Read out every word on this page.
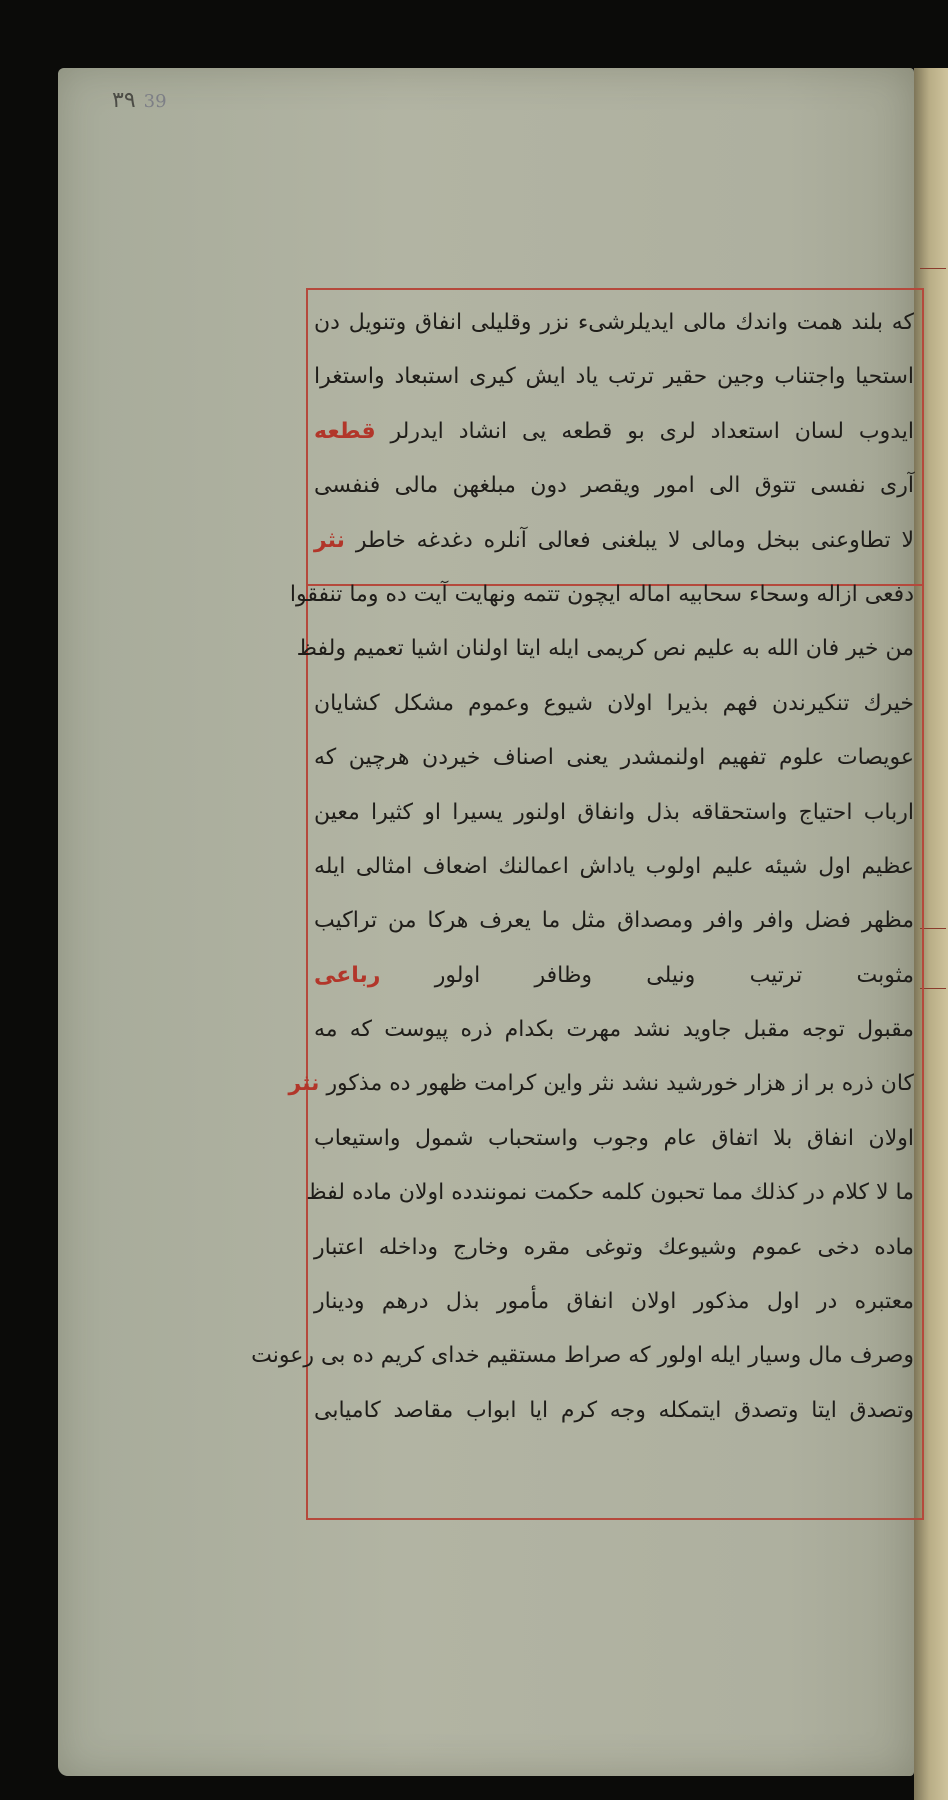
٣٩ 39
که بلند همت واندك مالى ايدیلرشیء نزر وقلیلى انفاق وتنویل دن
استحیا واجتناب وجین حقیر ترتب یاد ایش کیری استبعاد واستغرا
ایدوب لسان استعداد لری بو قطعه یی انشاد ایدرلر قطعه
آری نفسی تتوق الی امور ویقصر دون مبلغهن مالی فنفسی
لا تطاوعنی ببخل ومالی لا یبلغنی فعالی آنلره دغدغه خاطر نثر
دفعی ازاله وسحاء سحابیه اماله ایچون تتمه ونهایت آیت ده وما تنفقوا
من خیر فان الله به علیم نص کریمی ایله ایتا اولنان اشیا تعمیم ولفظ
خیرك تنکیرندن فهم بذیرا اولان شیوع وعموم مشکل کشایان
عویصات علوم تفهیم اولنمشدر یعنی اصناف خیردن هرچین که
ارباب احتیاج واستحقاقه بذل وانفاق اولنور یسیرا او کثیرا معین
عظیم اول شیئه علیم اولوب یاداش اعمالنك اضعاف امثالی ایله
مظهر فضل وافر وافر ومصداق مثل ما یعرف هرکا من تراکیب
مثوبت ترتیب ونیلی وظافر اولور رباعی
مقبول توجه مقبل جاوید نشد مهرت بکدام ذره پیوست که مه
کان ذره بر از هزار خورشید نشد نثر واین کرامت ظهور ده مذکور نثر
اولان انفاق بلا اتفاق عام وجوب واستحباب شمول واستیعاب
ما لا کلام در کذلك مما تحبون کلمه حکمت نمونندده اولان ماده لفظ
ماده دخی عموم وشیوعك وتوغی مقره وخارج وداخله اعتبار
معتبره در اول مذکور اولان انفاق مأمور بذل درهم ودینار
وصرف مال وسیار ایله اولور که صراط مستقیم خدای کریم ده بی رعونت
وتصدق ایتا وتصدق ایتمکله وجه کرم ایا ابواب مقاصد کامیابی
